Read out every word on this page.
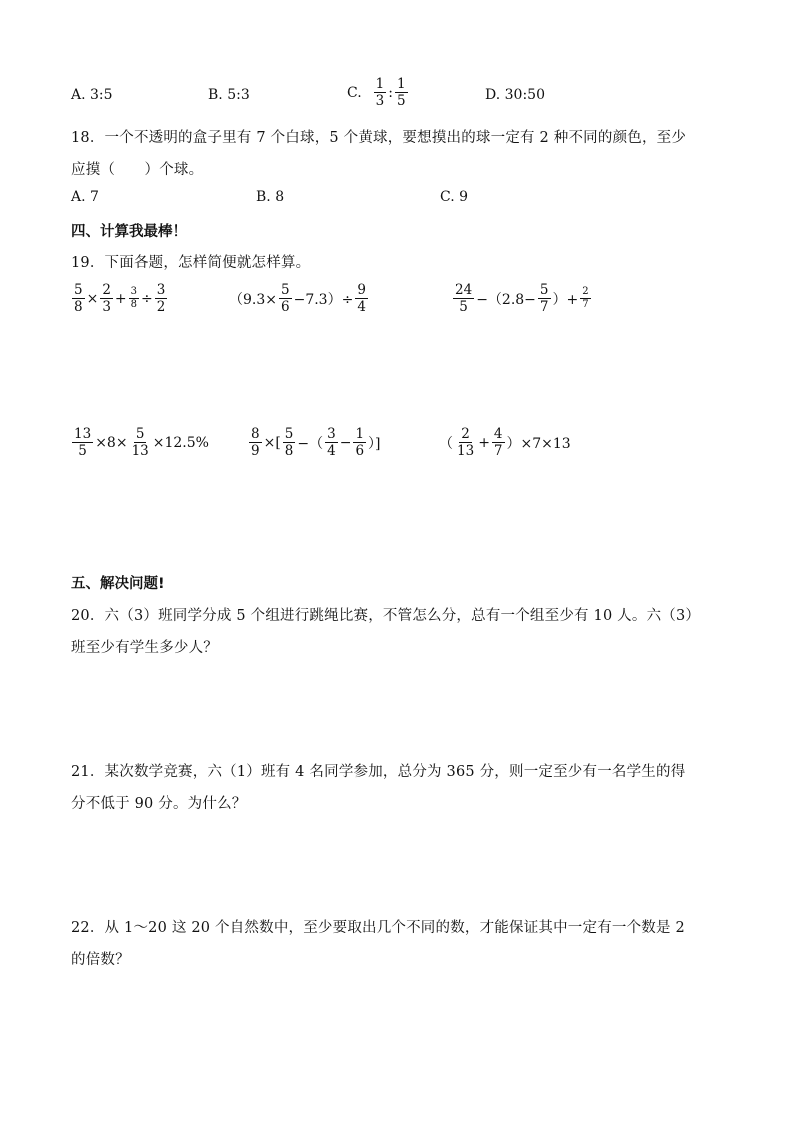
A. 3:5	B. 5:3	C. $\frac{1}{3}$ : $\frac{1}{5}$	D. 30:50
18．一个不透明的盒子里有 7 个白球，5 个黄球，要想摸出的球一定有 2 种不同的颜色，至少
应摸（　　）个球。
A. 7	B. 8	C. 9
四、计算我最棒！
19．下面各题，怎样简便就怎样算。
$\frac{5}{8} \times \frac{2}{3} + \frac{3}{8} \div \frac{3}{2}$	$(9.3\times \frac{5}{6} -7.3)\div \frac{9}{4}$	$\frac{24}{5} -(2.8- \frac{5}{7}$ ）+ $\frac{2}{7}$
$\frac{13}{5} \times 8\times \frac{5}{13} \times 12.5\%$	$\frac{8}{9}$ ×[ $\frac{5}{8}$ −（ $\frac{3}{4} - \frac{1}{6}$ ）]	（ $\frac{2}{13} + \frac{4}{7} )\times 7\times 13$
五、解决问题!
20．六（3）班同学分成 5 个组进行跳绳比赛，不管怎么分，总有一个组至少有 10 人。六（3）
班至少有学生多少人？
21．某次数学竞赛，六（1）班有 4 名同学参加，总分为 365 分，则一定至少有一名学生的得
分不低于 90 分。为什么？
22．从 1～20 这 20 个自然数中，至少要取出几个不同的数，才能保证其中一定有一个数是 2
的倍数？
